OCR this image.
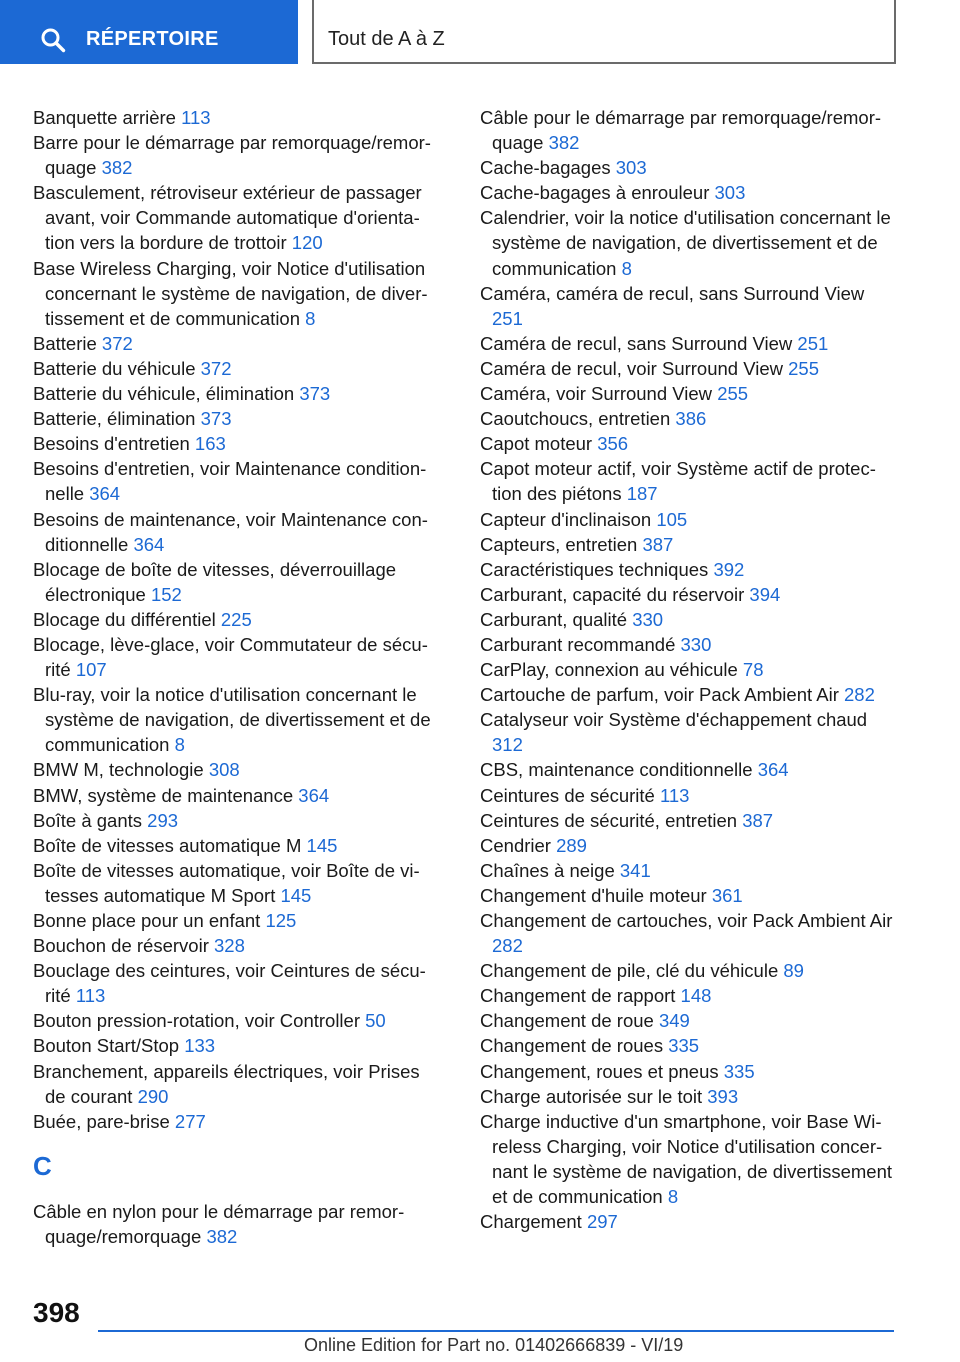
RÉPERTOIRE	Tout de A à Z
Banquette arrière 113
Barre pour le démarrage par remorquage/remorquage 382
Basculement, rétroviseur extérieur de passager avant, voir Commande automatique d'orientation vers la bordure de trottoir 120
Base Wireless Charging, voir Notice d'utilisation concernant le système de navigation, de divertissement et de communication 8
Batterie 372
Batterie du véhicule 372
Batterie du véhicule, élimination 373
Batterie, élimination 373
Besoins d'entretien 163
Besoins d'entretien, voir Maintenance conditionnelle 364
Besoins de maintenance, voir Maintenance conditionnelle 364
Blocage de boîte de vitesses, déverrouillage électronique 152
Blocage du différentiel 225
Blocage, lève-glace, voir Commutateur de sécurité 107
Blu-ray, voir la notice d'utilisation concernant le système de navigation, de divertissement et de communication 8
BMW M, technologie 308
BMW, système de maintenance 364
Boîte à gants 293
Boîte de vitesses automatique M 145
Boîte de vitesses automatique, voir Boîte de vitesses automatique M Sport 145
Bonne place pour un enfant 125
Bouchon de réservoir 328
Bouclage des ceintures, voir Ceintures de sécurité 113
Bouton pression-rotation, voir Controller 50
Bouton Start/Stop 133
Branchement, appareils électriques, voir Prises de courant 290
Buée, pare-brise 277
C
Câble en nylon pour le démarrage par remorquage/remorquage 382
Câble pour le démarrage par remorquage/remorquage 382
Cache-bagages 303
Cache-bagages à enrouleur 303
Calendrier, voir la notice d'utilisation concernant le système de navigation, de divertissement et de communication 8
Caméra, caméra de recul, sans Surround View 251
Caméra de recul, sans Surround View 251
Caméra de recul, voir Surround View 255
Caméra, voir Surround View 255
Caoutchoucs, entretien 386
Capot moteur 356
Capot moteur actif, voir Système actif de protection des piétons 187
Capteur d'inclinaison 105
Capteurs, entretien 387
Caractéristiques techniques 392
Carburant, capacité du réservoir 394
Carburant, qualité 330
Carburant recommandé 330
CarPlay, connexion au véhicule 78
Cartouche de parfum, voir Pack Ambient Air 282
Catalyseur voir Système d'échappement chaud 312
CBS, maintenance conditionnelle 364
Ceintures de sécurité 113
Ceintures de sécurité, entretien 387
Cendrier 289
Chaînes à neige 341
Changement d'huile moteur 361
Changement de cartouches, voir Pack Ambient Air 282
Changement de pile, clé du véhicule 89
Changement de rapport 148
Changement de roue 349
Changement de roues 335
Changement, roues et pneus 335
Charge autorisée sur le toit 393
Charge inductive d'un smartphone, voir Base Wireless Charging, voir Notice d'utilisation concernant le système de navigation, de divertissement et de communication 8
Chargement 297
398
Online Edition for Part no. 01402666839 - VI/19
